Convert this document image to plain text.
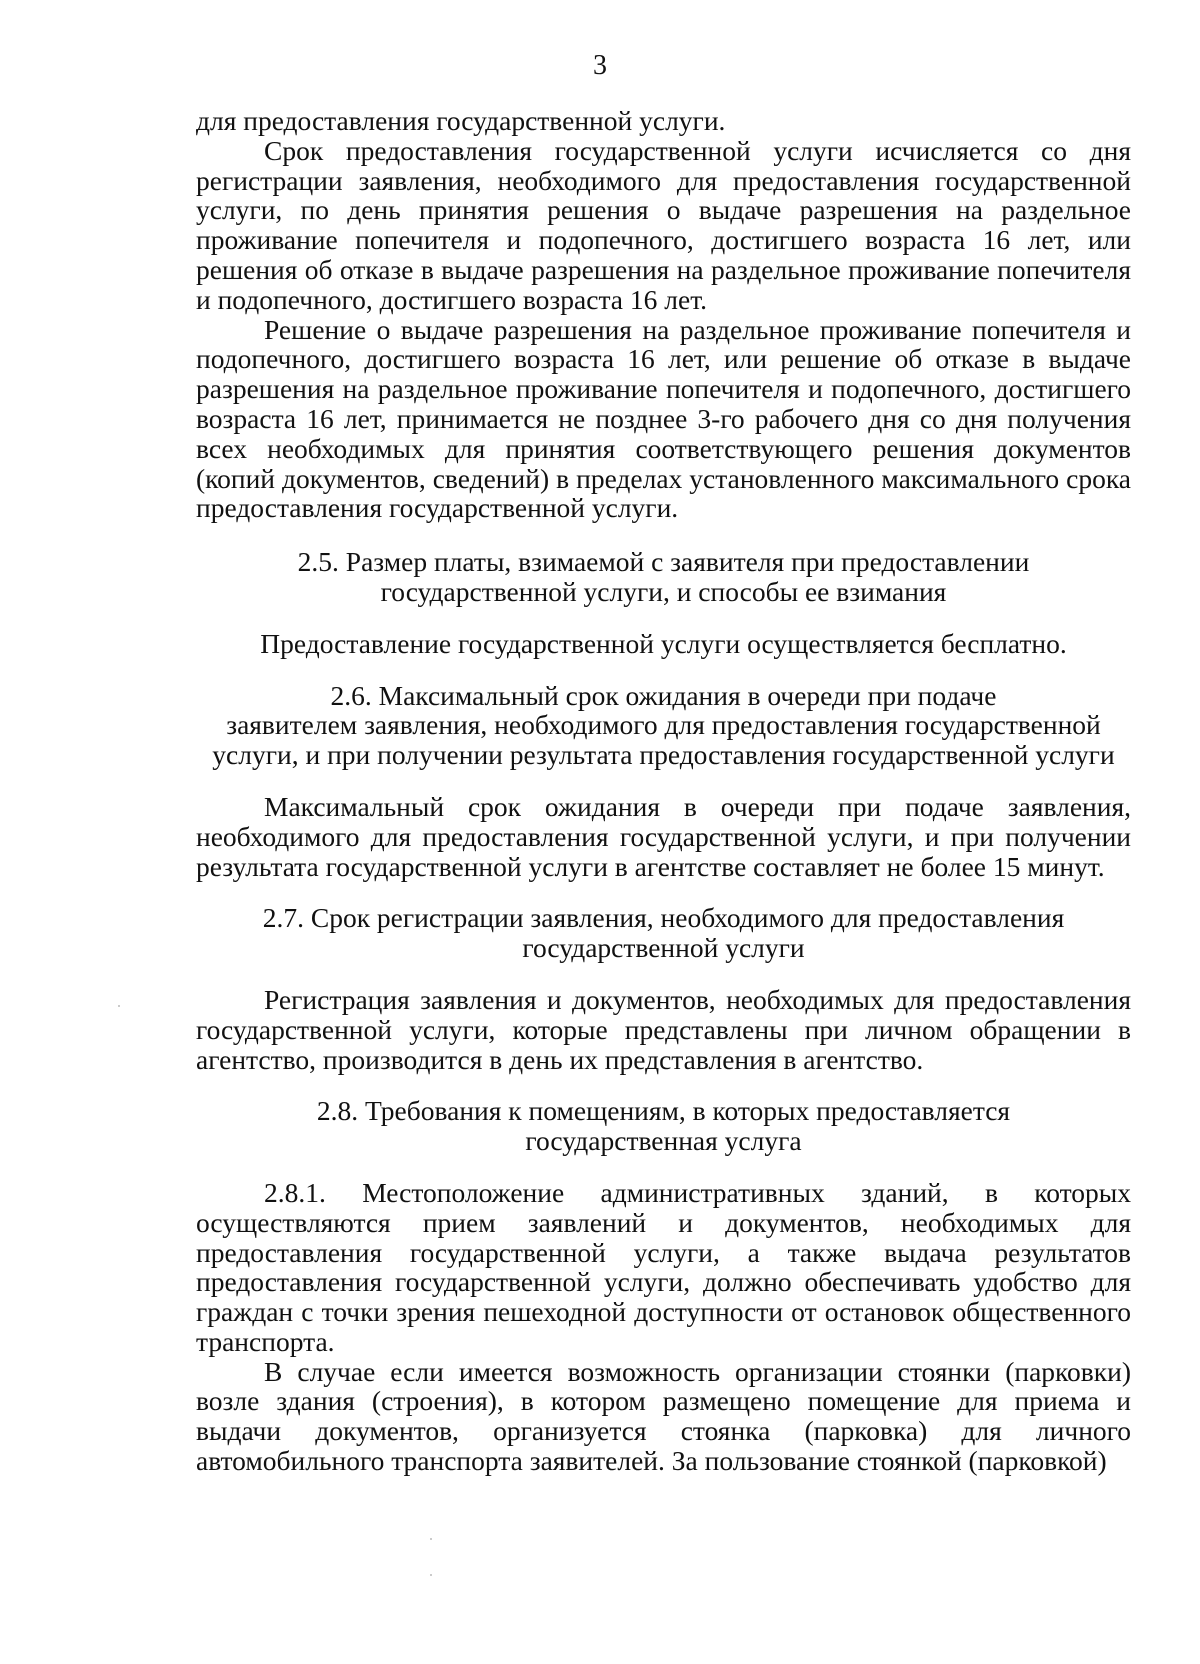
3

для предоставления государственной услуги.

Срок предоставления государственной услуги исчисляется со дня регистрации заявления, необходимого для предоставления государственной услуги, по день принятия решения о выдаче разрешения на раздельное проживание попечителя и подопечного, достигшего возраста 16 лет, или решения об отказе в выдаче разрешения на раздельное проживание попечителя и подопечного, достигшего возраста 16 лет.

Решение о выдаче разрешения на раздельное проживание попечителя и подопечного, достигшего возраста 16 лет, или решение об отказе в выдаче разрешения на раздельное проживание попечителя и подопечного, достигшего возраста 16 лет, принимается не позднее 3-го рабочего дня со дня получения всех необходимых для принятия соответствующего решения документов (копий документов, сведений) в пределах установленного максимального срока предоставления государственной услуги.

2.5. Размер платы, взимаемой с заявителя при предоставлении
государственной услуги, и способы ее взимания

Предоставление государственной услуги осуществляется бесплатно.

2.6. Максимальный срок ожидания в очереди при подаче
заявителем заявления, необходимого для предоставления государственной
услуги, и при получении результата предоставления государственной услуги

Максимальный срок ожидания в очереди при подаче заявления, необходимого для предоставления государственной услуги, и при получении результата государственной услуги в агентстве составляет не более 15 минут.

2.7. Срок регистрации заявления, необходимого для предоставления
государственной услуги

Регистрация заявления и документов, необходимых для предоставления государственной услуги, которые представлены при личном обращении в агентство, производится в день их представления в агентство.

2.8. Требования к помещениям, в которых предоставляется
государственная услуга

2.8.1. Местоположение административных зданий, в которых осуществляются прием заявлений и документов, необходимых для предоставления государственной услуги, а также выдача результатов предоставления государственной услуги, должно обеспечивать удобство для граждан с точки зрения пешеходной доступности от остановок общественного транспорта.

В случае если имеется возможность организации стоянки (парковки) возле здания (строения), в котором размещено помещение для приема и выдачи документов, организуется стоянка (парковка) для личного автомобильного транспорта заявителей. За пользование стоянкой (парковкой)
